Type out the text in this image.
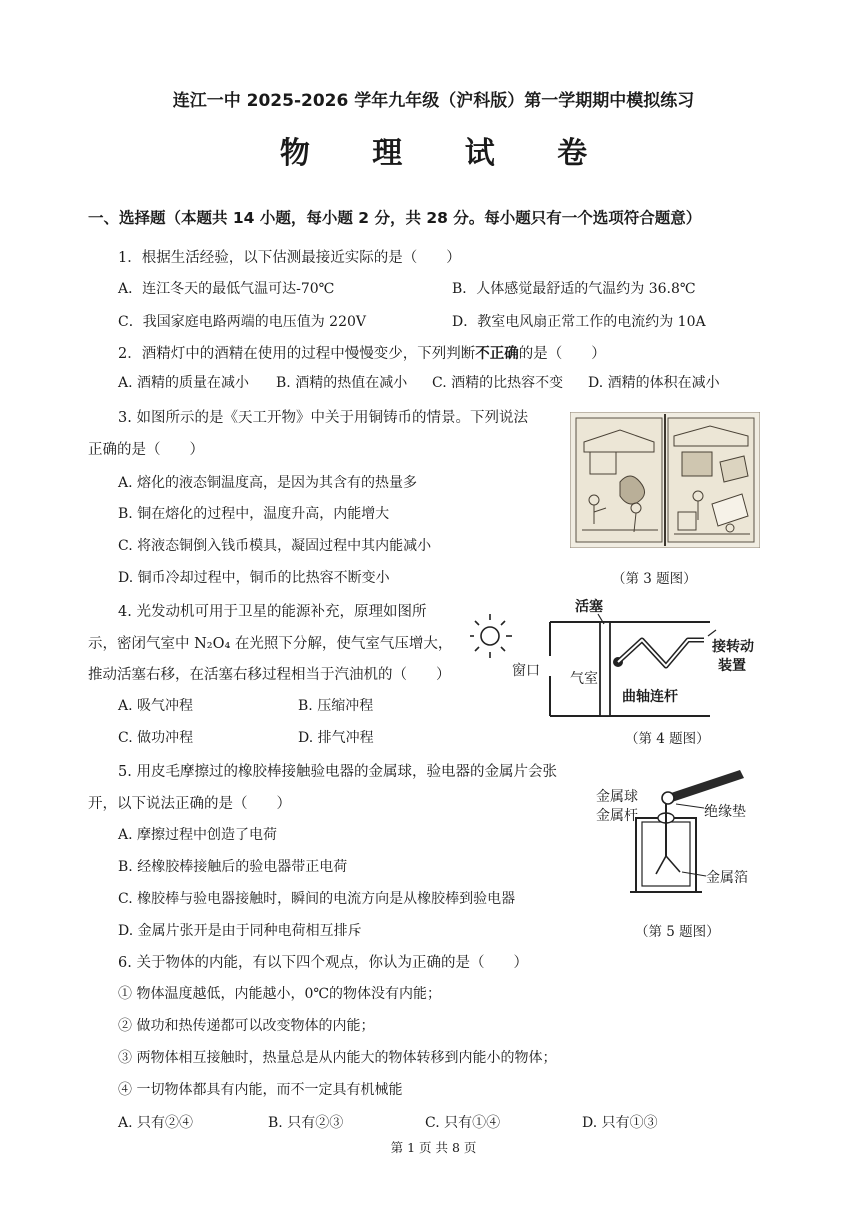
连江一中 2025-2026 学年九年级（沪科版）第一学期期中模拟练习
物 理 试 卷
一、选择题（本题共 14 小题，每小题 2 分，共 28 分。每小题只有一个选项符合题意）
1．根据生活经验，以下估测最接近实际的是（　　）
A．连江冬天的最低气温可达-70℃	B．人体感觉最舒适的气温约为 36.8℃
C．我国家庭电路两端的电压值为 220V	D．教室电风扇正常工作的电流约为 10A
2．酒精灯中的酒精在使用的过程中慢慢变少，下列判断不正确的是（　　）
A. 酒精的质量在减小 B. 酒精的热值在减小 C. 酒精的比热容不变 D. 酒精的体积在减小
3. 如图所示的是《天工开物》中关于用铜铸币的情景。下列说法
正确的是（　　）
A. 熔化的液态铜温度高，是因为其含有的热量多
B. 铜在熔化的过程中，温度升高，内能增大
C. 将液态铜倒入钱币模具，凝固过程中其内能减小
D. 铜币冷却过程中，铜币的比热容不断变小	（第 3 题图）
4. 光发动机可用于卫星的能源补充，原理如图所
示，密闭气室中 N₂O₄ 在光照下分解，使气室气压增大，
推动活塞右移，在活塞右移过程相当于汽油机的（　　）
A. 吸气冲程	B. 压缩冲程
C. 做功冲程	D. 排气冲程
活塞
窗口 气室
曲轴连杆
接转动
装置
（第 4 题图）
5. 用皮毛摩擦过的橡胶棒接触验电器的金属球，验电器的金属片会张
开，以下说法正确的是（　　）
A. 摩擦过程中创造了电荷
B. 经橡胶棒接触后的验电器带正电荷
C. 橡胶棒与验电器接触时，瞬间的电流方向是从橡胶棒到验电器
D. 金属片张开是由于同种电荷相互排斥
金属球
金属杆	绝缘垫
金属箔
（第 5 题图）
6. 关于物体的内能，有以下四个观点，你认为正确的是（　　）
① 物体温度越低，内能越小，0℃的物体没有内能；
② 做功和热传递都可以改变物体的内能；
③ 两物体相互接触时，热量总是从内能大的物体转移到内能小的物体；
④ 一切物体都具有内能，而不一定具有机械能
A. 只有②④	B. 只有②③	C. 只有①④	D. 只有①③
第 1 页 共 8 页
